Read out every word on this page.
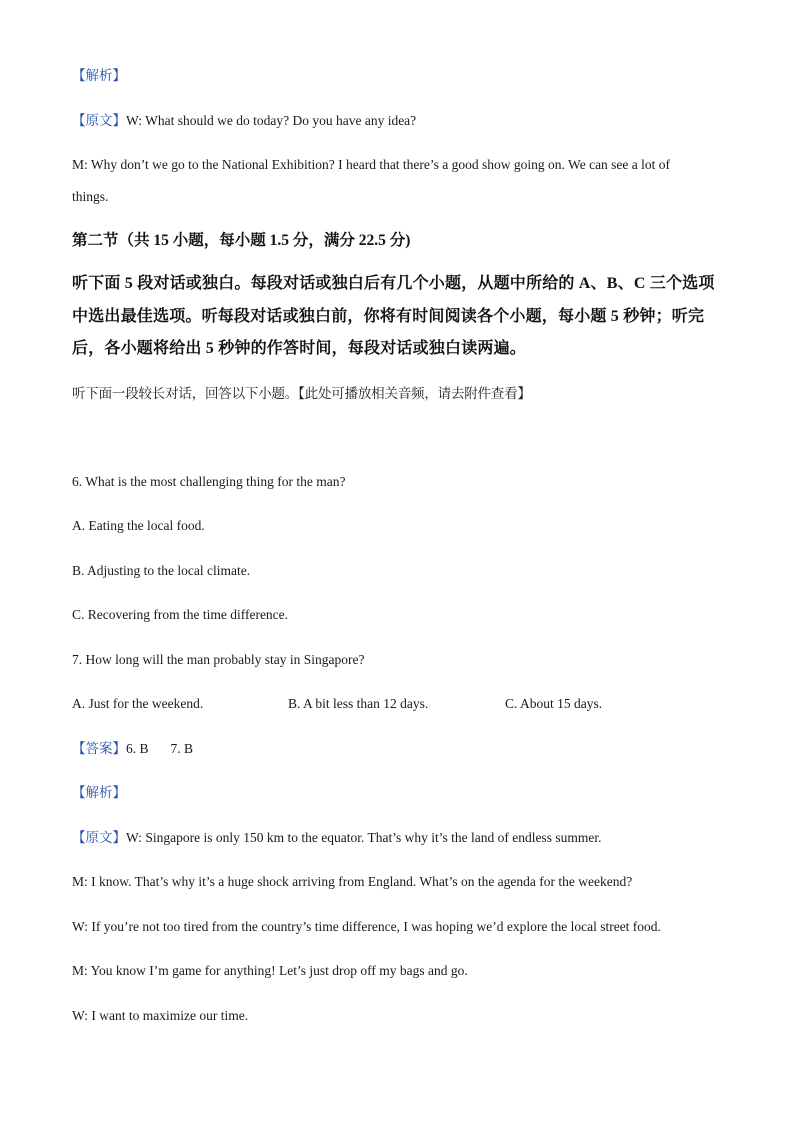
【解析】
【原文】W: What should we do today? Do you have any idea?
M: Why don’t we go to the National Exhibition? I heard that there’s a good show going on. We can see a lot of
things.
第二节（共 15 小题，每小题 1.5 分，满分 22.5 分)
听下面 5 段对话或独白。每段对话或独白后有几个小题，从题中所给的 A、B、C 三个选项
中选出最佳选项。听每段对话或独白前，你将有时间阅读各个小题，每小题 5 秒钟；听完
后，各小题将给出 5 秒钟的作答时间，每段对话或独白读两遍。
听下面一段较长对话，回答以下小题。【此处可播放相关音频，请去附件查看】
6. What is the most challenging thing for the man?
A. Eating the local food.
B. Adjusting to the local climate.
C. Recovering from the time difference.
7. How long will the man probably stay in Singapore?
A. Just for the weekend.	B. A bit less than 12 days.	C. About 15 days.
【答案】6. B 7. B
【解析】
【原文】W: Singapore is only 150 km to the equator. That’s why it’s the land of endless summer.
M: I know. That’s why it’s a huge shock arriving from England. What’s on the agenda for the weekend?
W: If you’re not too tired from the country’s time difference, I was hoping we’d explore the local street food.
M: You know I’m game for anything! Let’s just drop off my bags and go.
W: I want to maximize our time.
